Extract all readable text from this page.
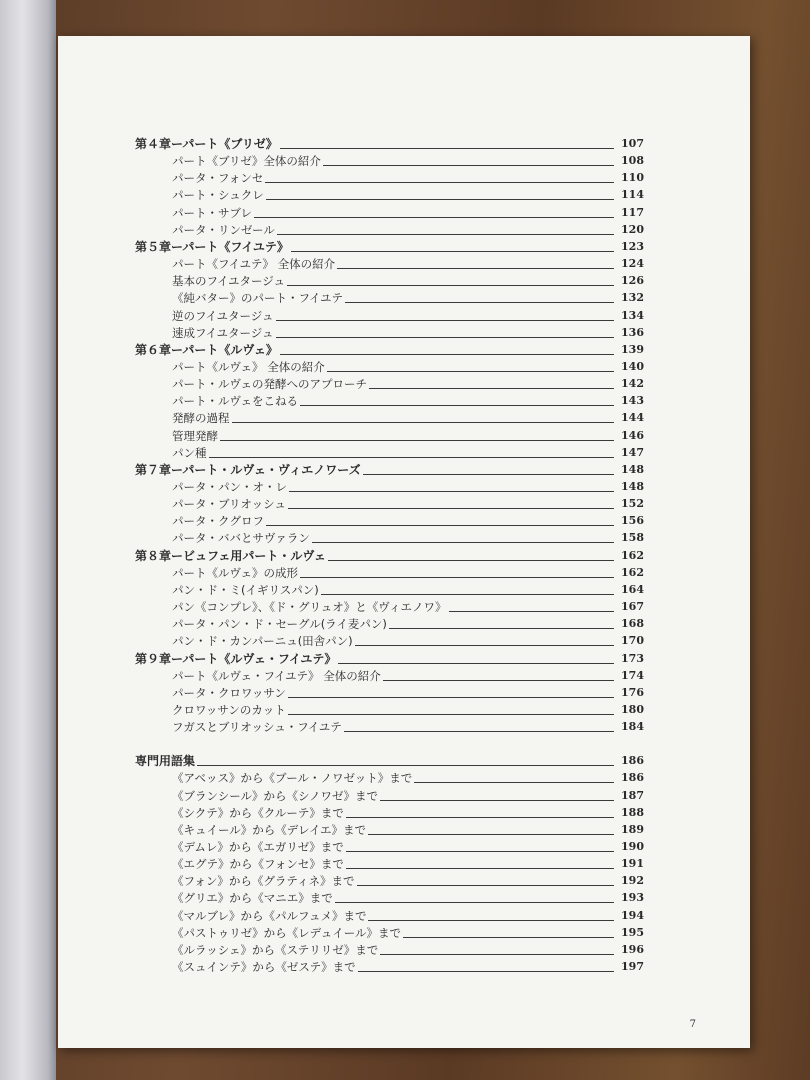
第４章ーパート《ブリゼ》	107
パート《ブリゼ》全体の紹介	108
パータ・フォンセ	110
パート・シュクレ	114
パート・サブレ	117
パータ・リンゼール	120
第５章ーパート《フイユテ》	123
パート《フイユテ》 全体の紹介	124
基本のフイユタージュ	126
《純バター》のパート・フイユテ	132
逆のフイユタージュ	134
速成フイユタージュ	136
第６章ーパート《ルヴェ》	139
パート《ルヴェ》 全体の紹介	140
パート・ルヴェの発酵へのアプローチ	142
パート・ルヴェをこねる	143
発酵の過程	144
管理発酵	146
パン種	147
第７章ーパート・ルヴェ・ヴィエノワーズ	148
パータ・パン・オ・レ	148
パータ・ブリオッシュ	152
パータ・クグロフ	156
パータ・ババとサヴァラン	158
第８章ービュフェ用パート・ルヴェ	162
パート《ルヴェ》の成形	162
パン・ド・ミ(イギリスパン)	164
パン《コンプレ》、《ド・グリュオ》と《ヴィエノワ》	167
パータ・パン・ド・セーグル(ライ麦パン)	168
パン・ド・カンパーニュ(田舎パン)	170
第９章ーパート《ルヴェ・フイユテ》	173
パート《ルヴェ・フイユテ》 全体の紹介	174
パータ・クロワッサン	176
クロワッサンのカット	180
フガスとブリオッシュ・フイユテ	184
専門用語集	186
《アベッス》から《ブール・ノワゼット》まで	186
《ブランシール》から《シノワゼ》まで	187
《シクテ》から《クルーテ》まで	188
《キュイール》から《デレイエ》まで	189
《デムレ》から《エガリゼ》まで	190
《エグテ》から《フォンセ》まで	191
《フォン》から《グラティネ》まで	192
《グリエ》から《マニエ》まで	193
《マルブレ》から《パルフュメ》まで	194
《パストゥリゼ》から《レデュイール》まで	195
《ルラッシェ》から《ステリリゼ》まで	196
《スュインテ》から《ゼステ》まで	197
7
